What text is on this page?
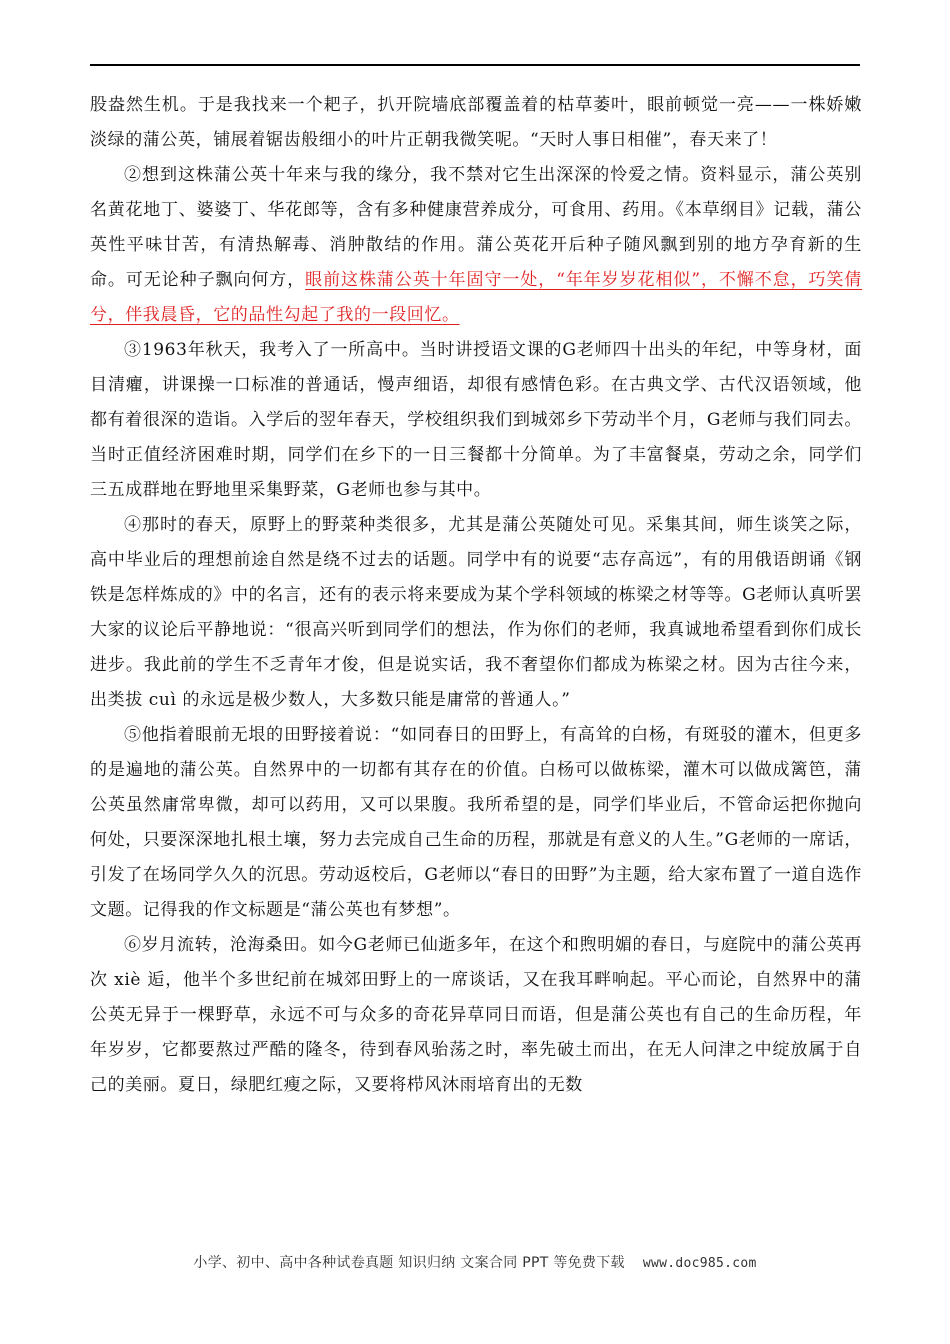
股盎然生机。于是我找来一个耙子，扒开院墙底部覆盖着的枯草萎叶，眼前顿觉一亮——一株娇嫩淡绿的蒲公英，铺展着锯齿般细小的叶片正朝我微笑呢。“天时人事日相催”，春天来了！

②想到这株蒲公英十年来与我的缘分，我不禁对它生出深深的怜爱之情。资料显示，蒲公英别名黄花地丁、婆婆丁、华花郎等，含有多种健康营养成分，可食用、药用。《本草纲目》记载，蒲公英性平味甘苦，有清热解毒、消肿散结的作用。蒲公英花开后种子随风飘到别的地方孕育新的生命。可无论种子飘向何方，眼前这株蒲公英十年固守一处，“年年岁岁花相似”，不懈不怠，巧笑倩兮，伴我晨昏，它的品性勾起了我的一段回忆。

③1963年秋天，我考入了一所高中。当时讲授语文课的G老师四十出头的年纪，中等身材，面目清癯，讲课操一口标准的普通话，慢声细语，却很有感情色彩。在古典文学、古代汉语领域，他都有着很深的造诣。入学后的翌年春天，学校组织我们到城郊乡下劳动半个月，G老师与我们同去。当时正值经济困难时期，同学们在乡下的一日三餐都十分简单。为了丰富餐桌，劳动之余，同学们三五成群地在野地里采集野菜，G老师也参与其中。

④那时的春天，原野上的野菜种类很多，尤其是蒲公英随处可见。采集其间，师生谈笑之际，高中毕业后的理想前途自然是绕不过去的话题。同学中有的说要“志存高远”，有的用俄语朗诵《钢铁是怎样炼成的》中的名言，还有的表示将来要成为某个学科领域的栋梁之材等等。G老师认真听罢大家的议论后平静地说：“很高兴听到同学们的想法，作为你们的老师，我真诚地希望看到你们成长进步。我此前的学生不乏青年才俊，但是说实话，我不奢望你们都成为栋梁之材。因为古往今来，出类拔 cuì 的永远是极少数人，大多数只能是庸常的普通人。”

⑤他指着眼前无垠的田野接着说：“如同春日的田野上，有高耸的白杨，有斑驳的灌木，但更多的是遍地的蒲公英。自然界中的一切都有其存在的价值。白杨可以做栋梁，灌木可以做成篱笆，蒲公英虽然庸常卑微，却可以药用，又可以果腹。我所希望的是，同学们毕业后，不管命运把你抛向何处，只要深深地扎根土壤，努力去完成自己生命的历程，那就是有意义的人生。”G老师的一席话，引发了在场同学久久的沉思。劳动返校后，G老师以“春日的田野”为主题，给大家布置了一道自选作文题。记得我的作文标题是“蒲公英也有梦想”。

⑥岁月流转，沧海桑田。如今G老师已仙逝多年，在这个和煦明媚的春日，与庭院中的蒲公英再次 xiè 逅，他半个多世纪前在城郊田野上的一席谈话，又在我耳畔响起。平心而论，自然界中的蒲公英无异于一棵野草，永远不可与众多的奇花异草同日而语，但是蒲公英也有自己的生命历程，年年岁岁，它都要熬过严酷的隆冬，待到春风骀荡之时，率先破土而出，在无人问津之中绽放属于自己的美丽。夏日，绿肥红瘦之际，又要将栉风沐雨培育出的无数

小学、初中、高中各种试卷真题 知识归纳 文案合同 PPT 等免费下载 www.doc985.com
